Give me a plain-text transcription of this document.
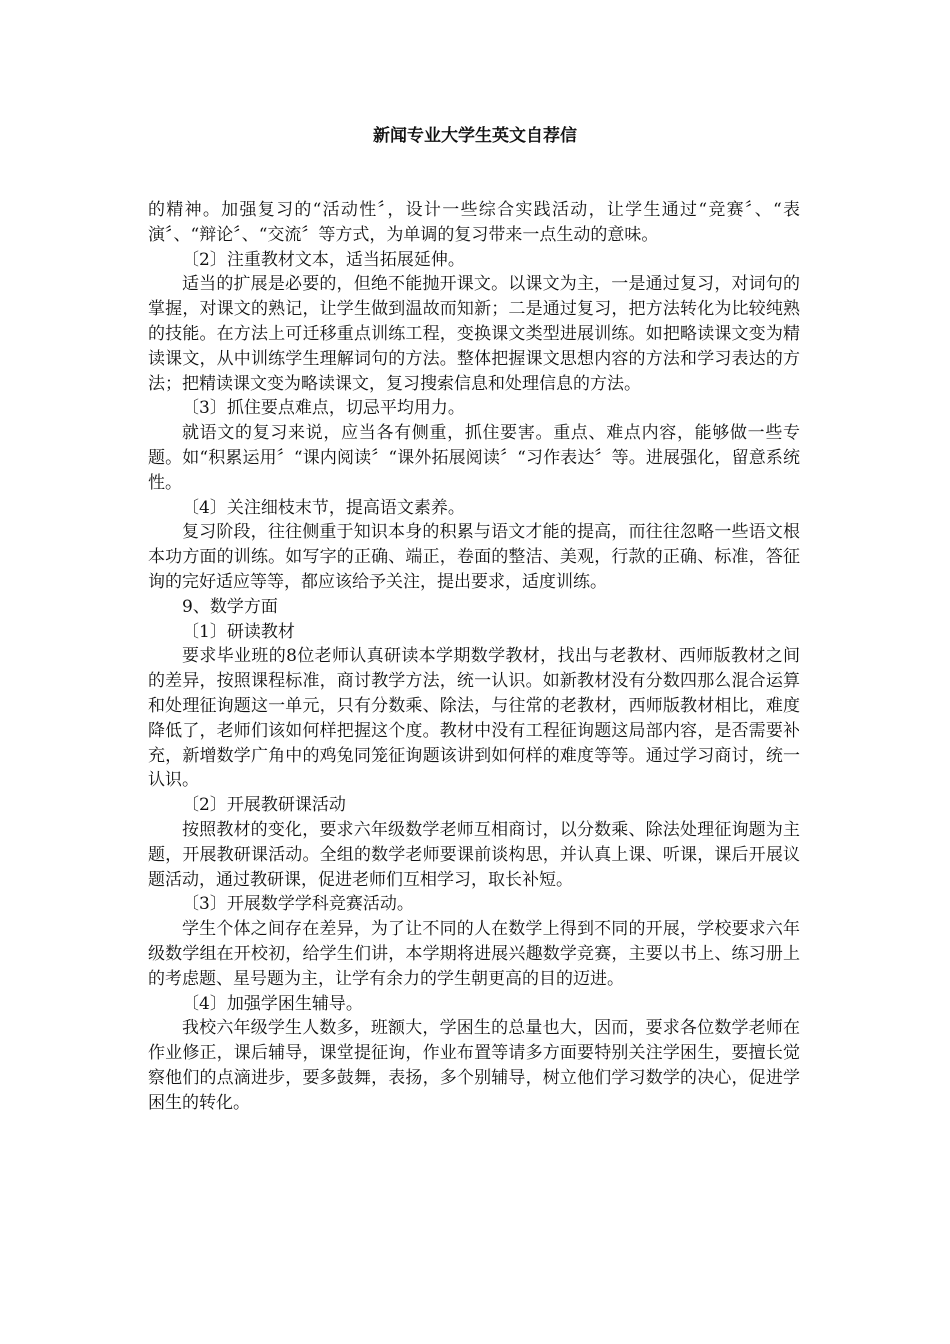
新闻专业大学生英文自荐信

的精神。加强复习的“活动性〞，设计一些综合实践活动，让学生通过“竞赛〞、“表演〞、“辩论〞、“交流〞等方式，为单调的复习带来一点生动的意味。

〔2〕注重教材文本，适当拓展延伸。

适当的扩展是必要的，但绝不能抛开课文。以课文为主，一是通过复习，对词句的掌握，对课文的熟记，让学生做到温故而知新；二是通过复习，把方法转化为比较纯熟的技能。在方法上可迁移重点训练工程，变换课文类型进展训练。如把略读课文变为精读课文，从中训练学生理解词句的方法。整体把握课文思想内容的方法和学习表达的方法；把精读课文变为略读课文，复习搜索信息和处理信息的方法。

〔3〕抓住要点难点，切忌平均用力。

就语文的复习来说，应当各有侧重，抓住要害。重点、难点内容，能够做一些专题。如“积累运用〞“课内阅读〞“课外拓展阅读〞“习作表达〞等。进展强化，留意系统性。

〔4〕关注细枝末节，提高语文素养。

复习阶段，往往侧重于知识本身的积累与语文才能的提高，而往往忽略一些语文根本功方面的训练。如写字的正确、端正，卷面的整洁、美观，行款的正确、标准，答征询的完好适应等等，都应该给予关注，提出要求，适度训练。

9、数学方面

〔1〕研读教材

要求毕业班的8位老师认真研读本学期数学教材，找出与老教材、西师版教材之间的差异，按照课程标准，商讨教学方法，统一认识。如新教材没有分数四那么混合运算和处理征询题这一单元，只有分数乘、除法，与往常的老教材，西师版教材相比，难度降低了，老师们该如何样把握这个度。教材中没有工程征询题这局部内容，是否需要补充，新增数学广角中的鸡兔同笼征询题该讲到如何样的难度等等。通过学习商讨，统一认识。

〔2〕开展教研课活动

按照教材的变化，要求六年级数学老师互相商讨，以分数乘、除法处理征询题为主题，开展教研课活动。全组的数学老师要课前谈构思，并认真上课、听课，课后开展议题活动，通过教研课，促进老师们互相学习，取长补短。

〔3〕开展数学学科竞赛活动。

学生个体之间存在差异，为了让不同的人在数学上得到不同的开展，学校要求六年级数学组在开校初，给学生们讲，本学期将进展兴趣数学竞赛，主要以书上、练习册上的考虑题、星号题为主，让学有余力的学生朝更高的目的迈进。

〔4〕加强学困生辅导。

我校六年级学生人数多，班额大，学困生的总量也大，因而，要求各位数学老师在作业修正，课后辅导，课堂提征询，作业布置等请多方面要特别关注学困生，要擅长觉察他们的点滴进步，要多鼓舞，表扬，多个别辅导，树立他们学习数学的决心，促进学困生的转化。
